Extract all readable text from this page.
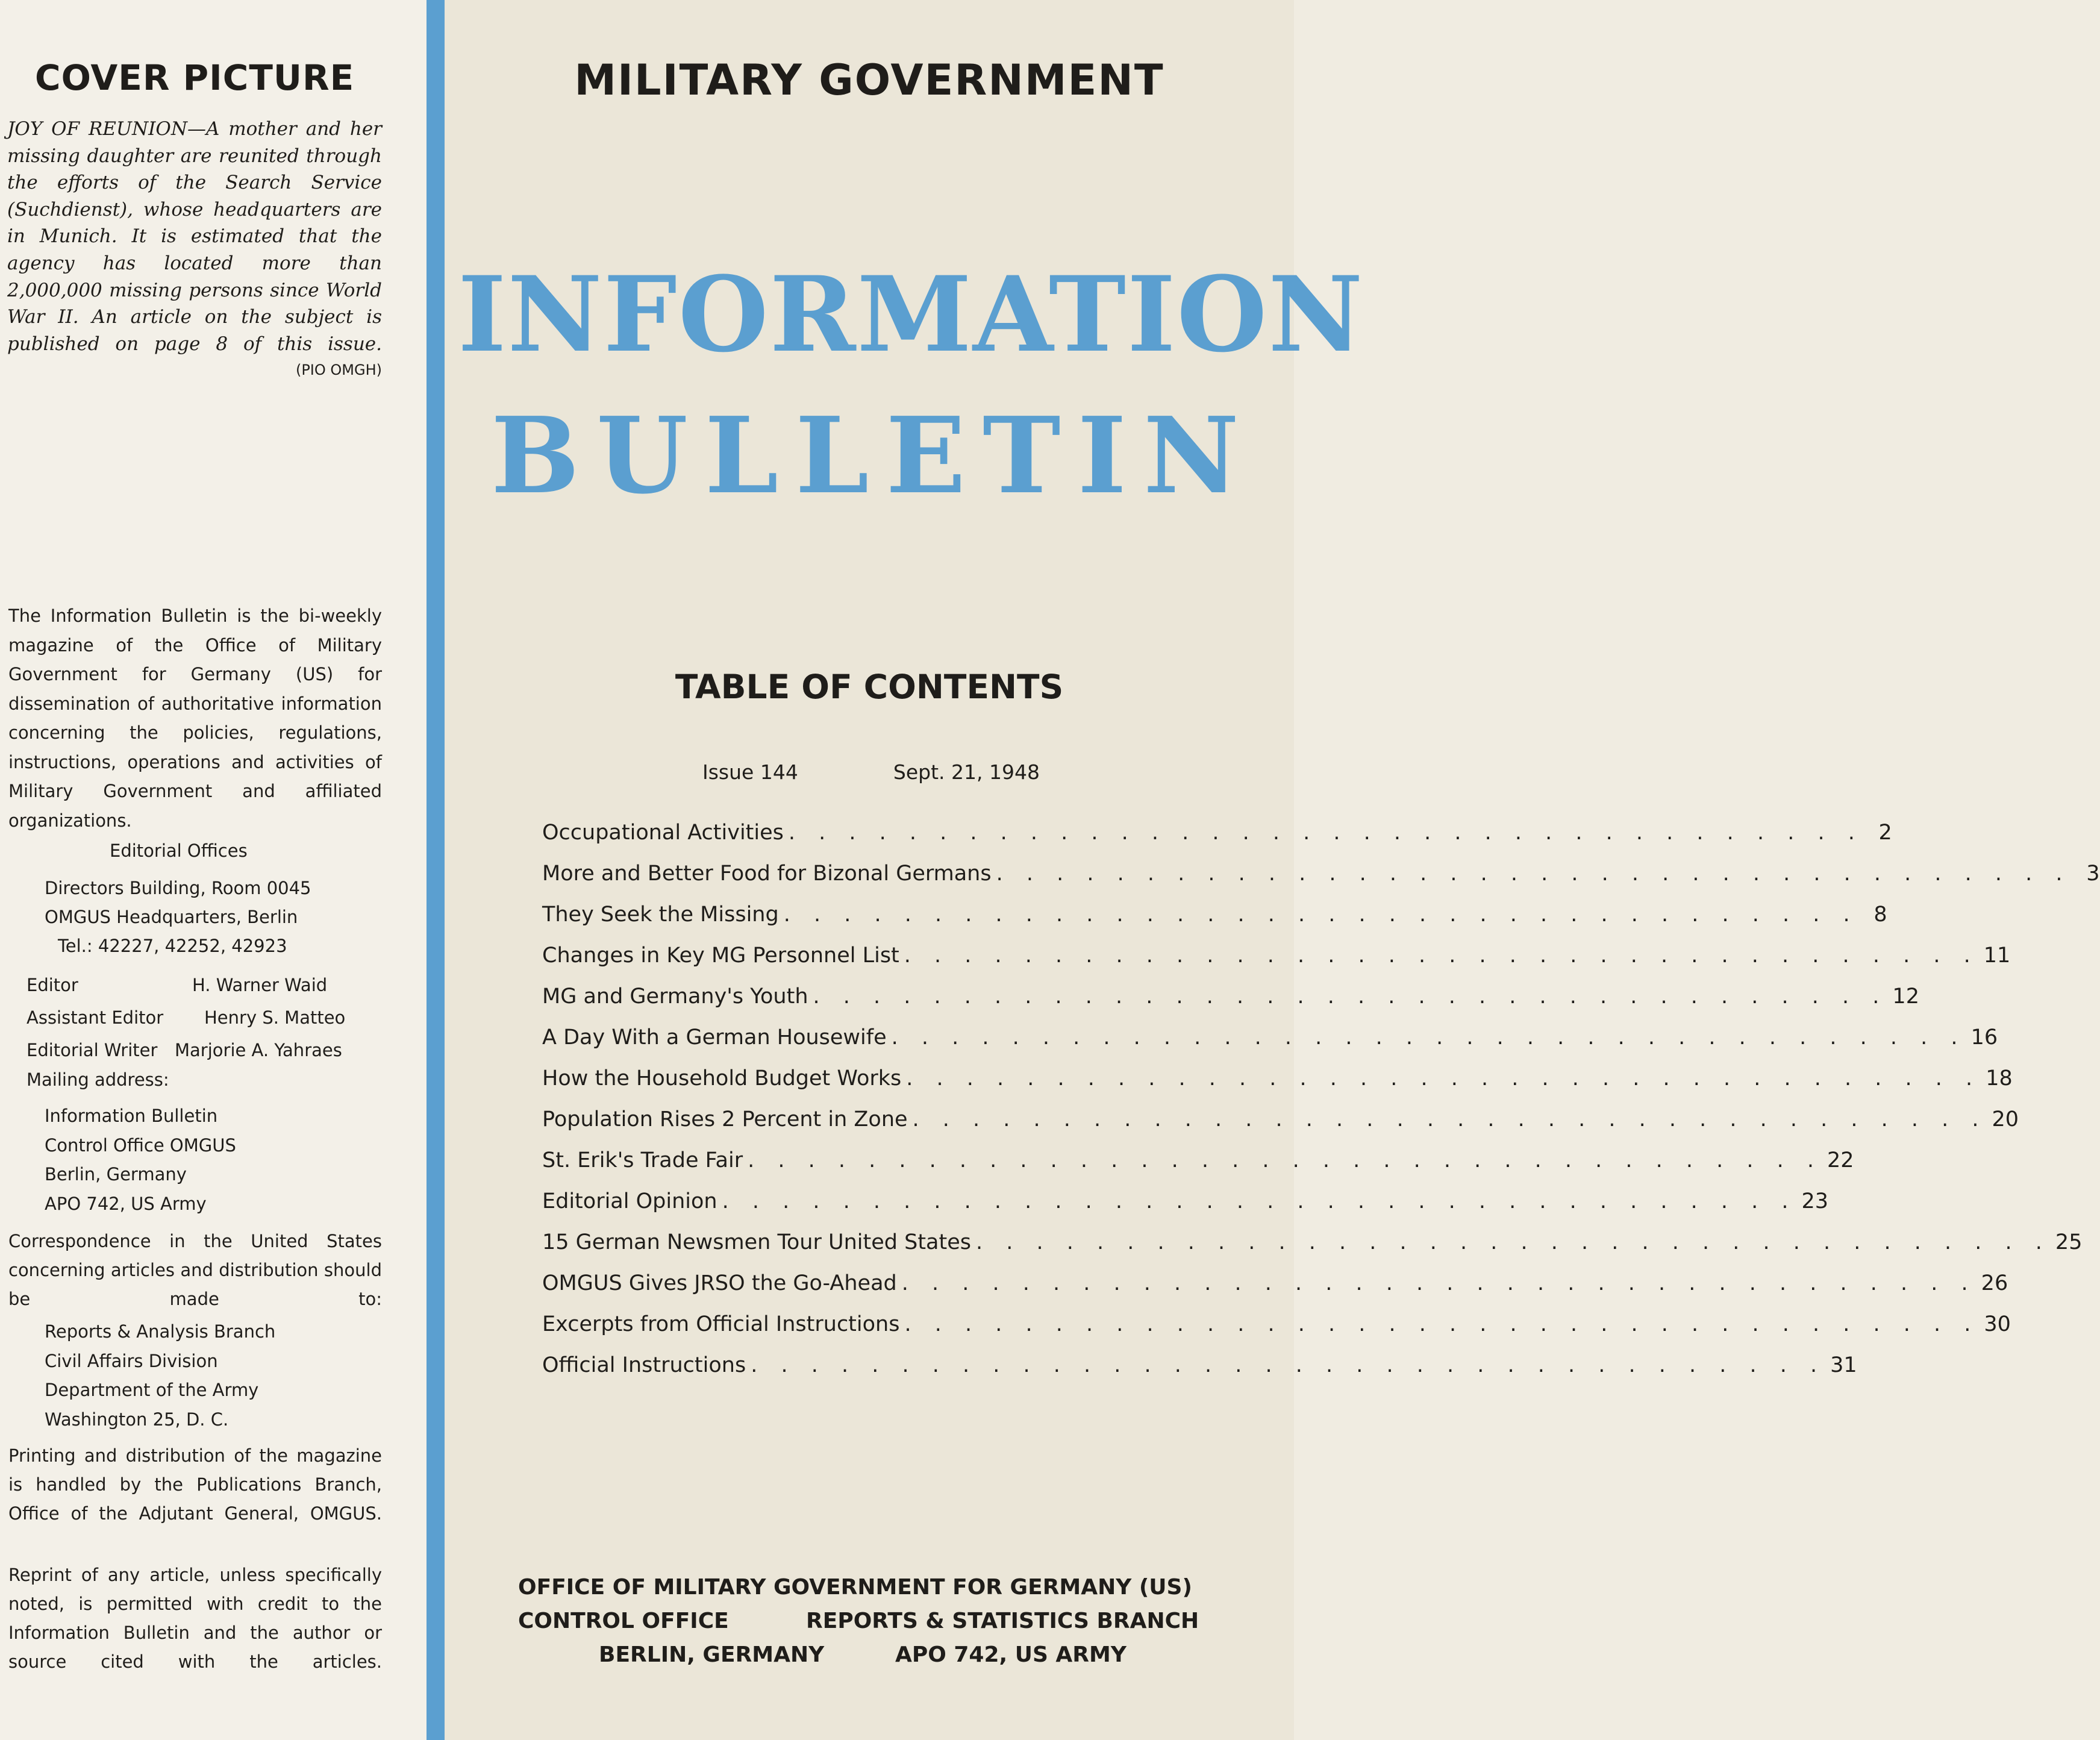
COVER PICTURE
JOY OF REUNION—A mother and her missing daughter are reunited through the efforts of the Search Service (Suchdienst), whose headquarters are in Munich. It is estimated that the agency has located more than 2,000,000 missing persons since World War II. An article on the subject is published on page 8 of this issue.
(PIO OMGH)
The Information Bulletin is the bi-weekly magazine of the Office of Military Government for Germany (US) for dissemination of authoritative information concerning the policies, regulations, instructions, operations and activities of Military Government and affiliated organizations.
Editorial Offices
Directors Building, Room 0045
OMGUS Headquarters, Berlin
Tel.: 42227, 42252, 42923
Editor	H. Warner Waid
Assistant Editor	Henry S. Matteo
Editorial Writer Marjorie A. Yahraes
Mailing address:
Information Bulletin
Control Office OMGUS
Berlin, Germany
APO 742, US Army
Correspondence in the United States concerning articles and distribution should be made to:
Reports & Analysis Branch
Civil Affairs Division
Department of the Army
Washington 25, D. C.
Printing and distribution of the magazine is handled by the Publications Branch, Office of the Adjutant General, OMGUS.
Reprint of any article, unless specifically noted, is permitted with credit to the Information Bulletin and the author or source cited with the articles.
MILITARY GOVERNMENT
INFORMATION
BULLETIN
TABLE OF CONTENTS
Issue 144	Sept. 21, 1948
Occupational Activities . . . . . . . . . . . . . . . . . . . . . . . . . . . . . . . . . . . . 2
More and Better Food for Bizonal Germans . . . . . . . . . . . . . . . . . . . . . . . . . . . . . . . . . . . . 3
They Seek the Missing . . . . . . . . . . . . . . . . . . . . . . . . . . . . . . . . . . . . 8
Changes in Key MG Personnel List . . . . . . . . . . . . . . . . . . . . . . . . . . . . . . . . . . . . 11
MG and Germany's Youth . . . . . . . . . . . . . . . . . . . . . . . . . . . . . . . . . . . . 12
A Day With a German Housewife . . . . . . . . . . . . . . . . . . . . . . . . . . . . . . . . . . . . 16
How the Household Budget Works . . . . . . . . . . . . . . . . . . . . . . . . . . . . . . . . . . . . 18
Population Rises 2 Percent in Zone . . . . . . . . . . . . . . . . . . . . . . . . . . . . . . . . . . . . 20
St. Erik's Trade Fair . . . . . . . . . . . . . . . . . . . . . . . . . . . . . . . . . . . . 22
Editorial Opinion . . . . . . . . . . . . . . . . . . . . . . . . . . . . . . . . . . . . 23
15 German Newsmen Tour United States . . . . . . . . . . . . . . . . . . . . . . . . . . . . . . . . . . . . 25
OMGUS Gives JRSO the Go-Ahead . . . . . . . . . . . . . . . . . . . . . . . . . . . . . . . . . . . . 26
Excerpts from Official Instructions . . . . . . . . . . . . . . . . . . . . . . . . . . . . . . . . . . . . 30
Official Instructions . . . . . . . . . . . . . . . . . . . . . . . . . . . . . . . . . . . . 31
OFFICE OF MILITARY GOVERNMENT FOR GERMANY (US)
CONTROL OFFICE	REPORTS & STATISTICS BRANCH
BERLIN, GERMANY	APO 742, US ARMY
